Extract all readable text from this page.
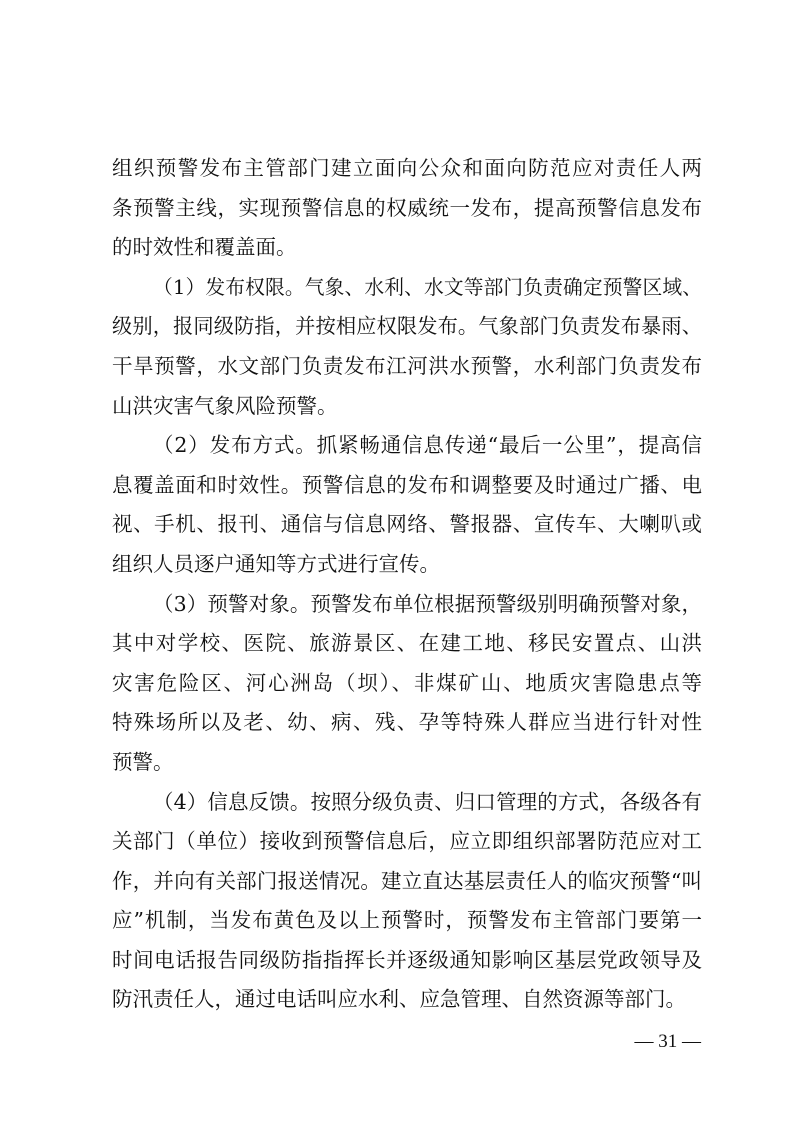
组织预警发布主管部门建立面向公众和面向防范应对责任人两
条预警主线，实现预警信息的权威统一发布，提高预警信息发布
的时效性和覆盖面。
（1）发布权限。气象、水利、水文等部门负责确定预警区域、
级别，报同级防指，并按相应权限发布。气象部门负责发布暴雨、
干旱预警，水文部门负责发布江河洪水预警，水利部门负责发布
山洪灾害气象风险预警。
（2）发布方式。抓紧畅通信息传递“最后一公里”，提高信
息覆盖面和时效性。预警信息的发布和调整要及时通过广播、电
视、手机、报刊、通信与信息网络、警报器、宣传车、大喇叭或
组织人员逐户通知等方式进行宣传。
（3）预警对象。预警发布单位根据预警级别明确预警对象，
其中对学校、医院、旅游景区、在建工地、移民安置点、山洪
灾害危险区、河心洲岛（坝）、非煤矿山、地质灾害隐患点等
特殊场所以及老、幼、病、残、孕等特殊人群应当进行针对性
预警。
（4）信息反馈。按照分级负责、归口管理的方式，各级各有
关部门（单位）接收到预警信息后，应立即组织部署防范应对工
作，并向有关部门报送情况。建立直达基层责任人的临灾预警“叫
应”机制，当发布黄色及以上预警时，预警发布主管部门要第一
时间电话报告同级防指指挥长并逐级通知影响区基层党政领导及
防汛责任人，通过电话叫应水利、应急管理、自然资源等部门。
— 31 —
